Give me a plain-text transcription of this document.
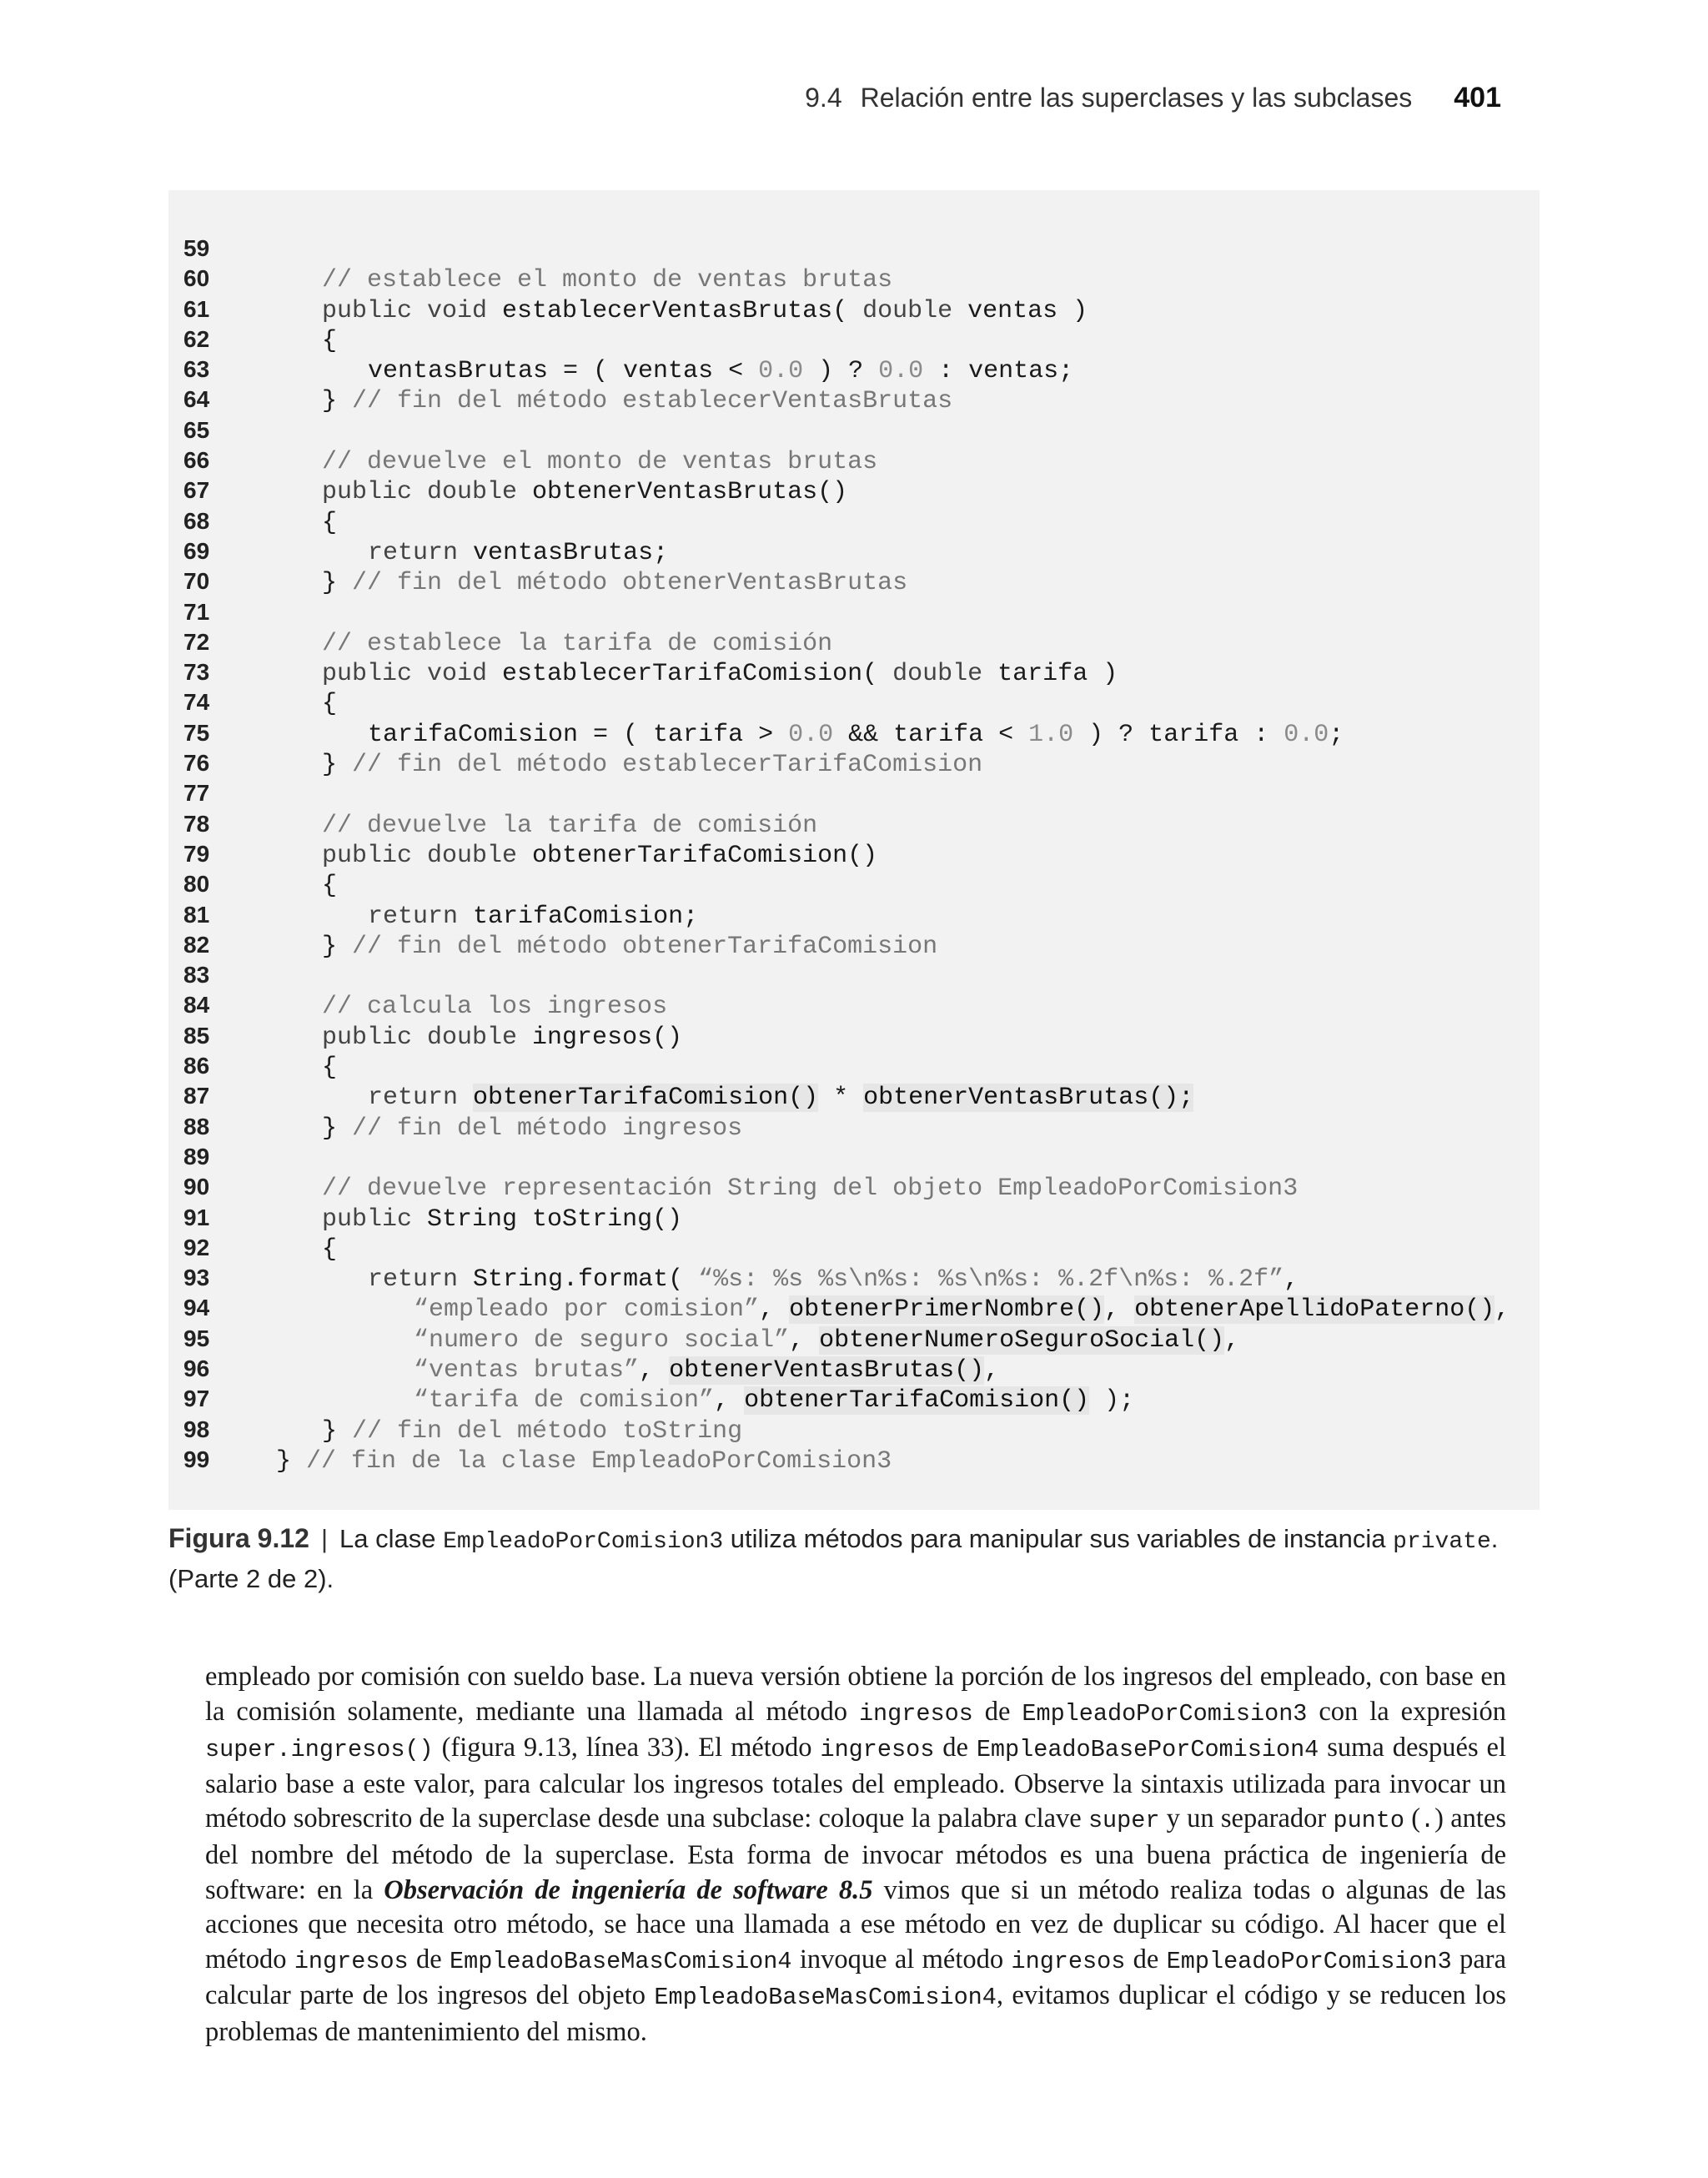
9.4 Relación entre las superclases y las subclases 401
59
60	// establece el monto de ventas brutas
61	public void establecerVentasBrutas( double ventas )
62	{
63	ventasBrutas = ( ventas < 0.0 ) ? 0.0 : ventas;
64	} // fin del método establecerVentasBrutas
65
66	// devuelve el monto de ventas brutas
67	public double obtenerVentasBrutas()
68	{
69	return ventasBrutas;
70	} // fin del método obtenerVentasBrutas
71
72	// establece la tarifa de comisión
73	public void establecerTarifaComision( double tarifa )
74	{
75	tarifaComision = ( tarifa > 0.0 && tarifa < 1.0 ) ? tarifa : 0.0;
76	} // fin del método establecerTarifaComision
77
78	// devuelve la tarifa de comisión
79	public double obtenerTarifaComision()
80	{
81	return tarifaComision;
82	} // fin del método obtenerTarifaComision
83
84	// calcula los ingresos
85	public double ingresos()
86	{
87	return obtenerTarifaComision() * obtenerVentasBrutas();
88	} // fin del método ingresos
89
90	// devuelve representación String del objeto EmpleadoPorComision3
91	public String toString()
92	{
93	return String.format( “%s: %s %s\n%s: %s\n%s: %.2f\n%s: %.2f”,
94	“empleado por comision”, obtenerPrimerNombre(), obtenerApellidoPaterno(),
95	“numero de seguro social”, obtenerNumeroSeguroSocial(),
96	“ventas brutas”, obtenerVentasBrutas(),
97	“tarifa de comision”, obtenerTarifaComision() );
98	} // fin del método toString
99	} // fin de la clase EmpleadoPorComision3
Figura 9.12 | La clase EmpleadoPorComision3 utiliza métodos para manipular sus variables de instancia private.
(Parte 2 de 2).

empleado por comisión con sueldo base. La nueva versión obtiene la porción de los ingresos del empleado, con base en la comisión solamente, mediante una llamada al método ingresos de EmpleadoPorComision3 con la expresión super.ingresos() (figura 9.13, línea 33). El método ingresos de EmpleadoBasePorComision4 suma después el salario base a este valor, para calcular los ingresos totales del empleado. Observe la sintaxis utilizada para invocar un método sobrescrito de la superclase desde una subclase: coloque la palabra clave super y un separador punto (.) antes del nombre del método de la superclase. Esta forma de invocar métodos es una buena práctica de ingeniería de software: en la Observación de ingeniería de software 8.5 vimos que si un método realiza todas o algunas de las acciones que necesita otro método, se hace una llamada a ese método en vez de duplicar su código. Al hacer que el método ingresos de EmpleadoBaseMasComision4 invoque al método ingresos de EmpleadoPorComision3 para calcular parte de los ingresos del objeto EmpleadoBaseMasComision4, evitamos duplicar el código y se reducen los problemas de mantenimiento del mismo.
